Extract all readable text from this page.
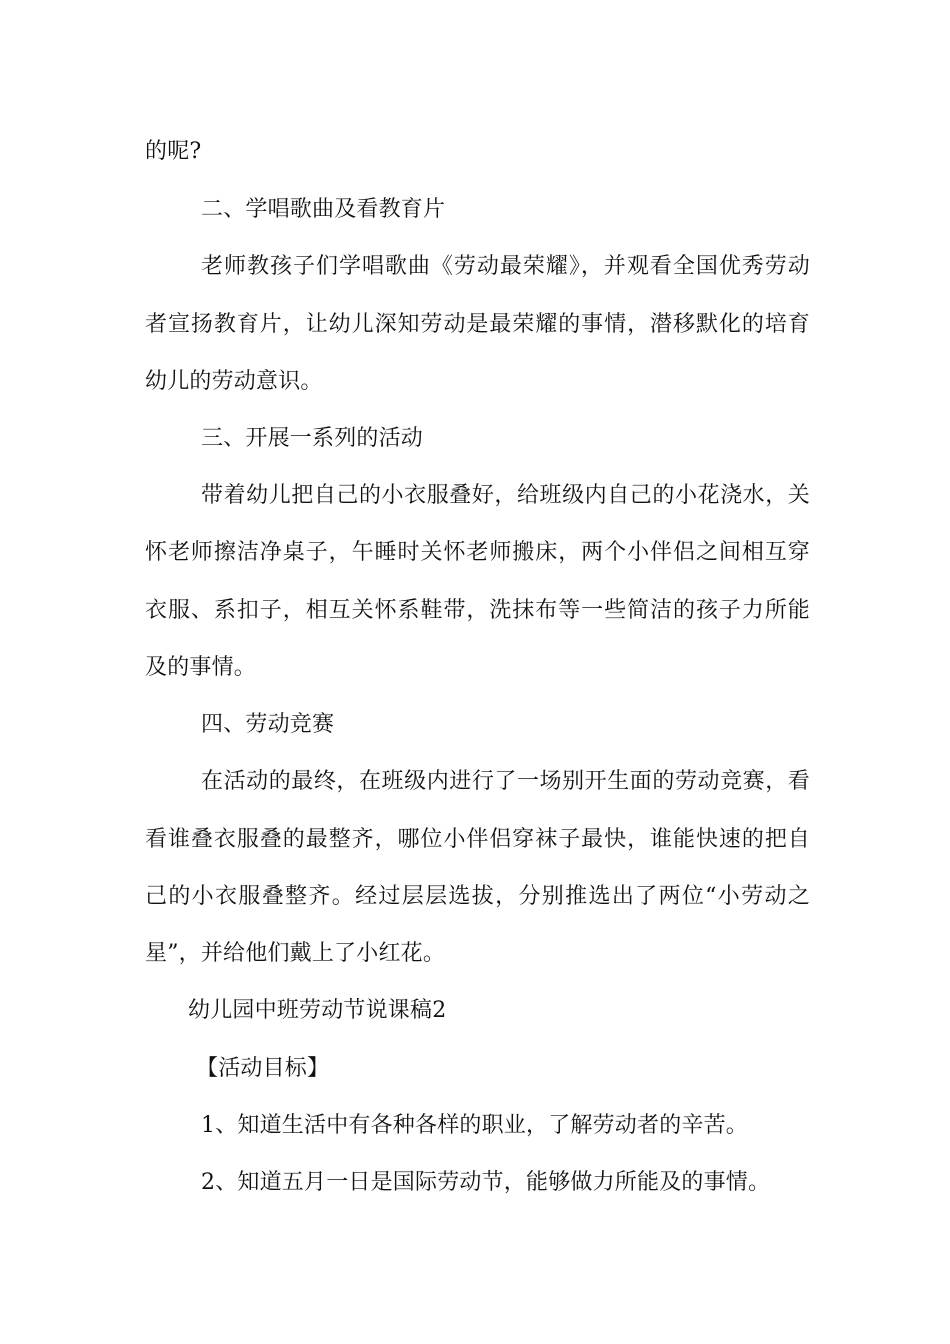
的呢?
二、学唱歌曲及看教育片
老师教孩子们学唱歌曲《劳动最荣耀》，并观看全国优秀劳动
者宣扬教育片，让幼儿深知劳动是最荣耀的事情，潜移默化的培育
幼儿的劳动意识。
三、开展一系列的活动
带着幼儿把自己的小衣服叠好，给班级内自己的小花浇水，关
怀老师擦洁净桌子，午睡时关怀老师搬床，两个小伴侣之间相互穿
衣服、系扣子，相互关怀系鞋带，洗抹布等一些简洁的孩子力所能
及的事情。
四、劳动竞赛
在活动的最终，在班级内进行了一场别开生面的劳动竞赛，看
看谁叠衣服叠的最整齐，哪位小伴侣穿袜子最快，谁能快速的把自
己的小衣服叠整齐。经过层层选拔，分别推选出了两位“小劳动之
星”，并给他们戴上了小红花。
幼儿园中班劳动节说课稿2
【活动目标】
1、知道生活中有各种各样的职业，了解劳动者的辛苦。
2、知道五月一日是国际劳动节，能够做力所能及的事情。
